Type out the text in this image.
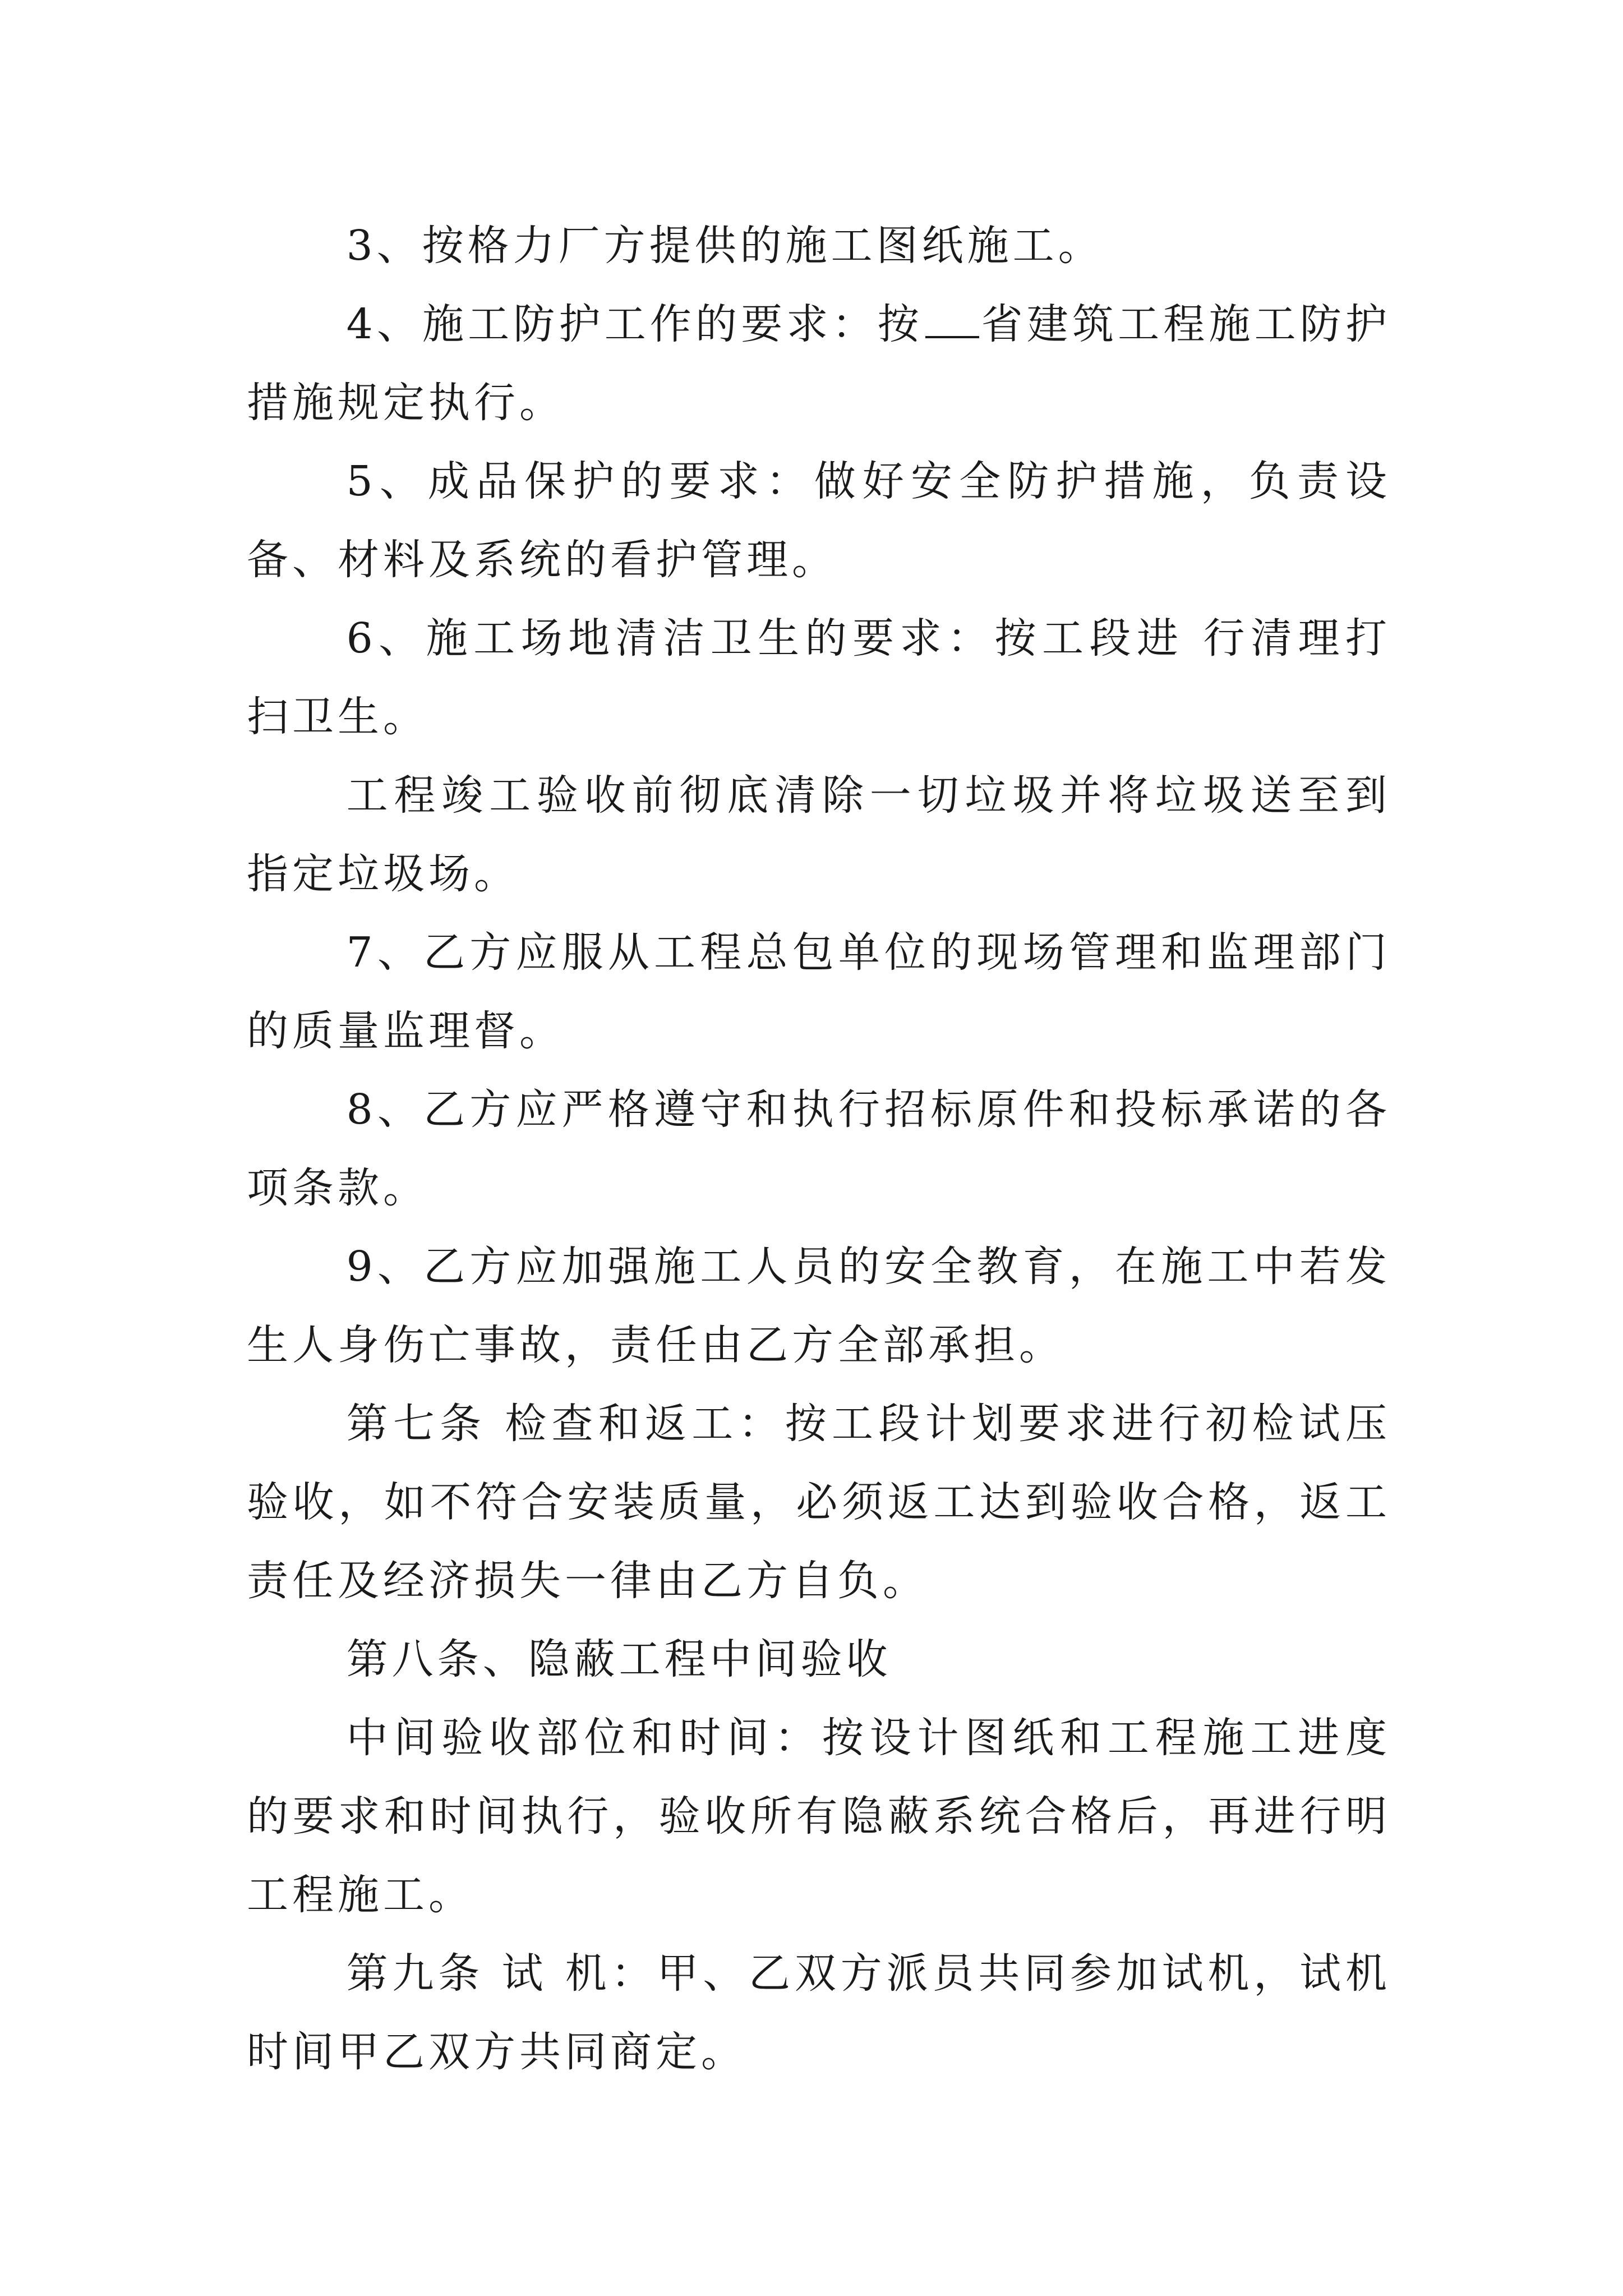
3、按格力厂方提供的施工图纸施工。

4、施工防护工作的要求：按 省建筑工程施工防护措施规定执行。

5、成品保护的要求：做好安全防护措施，负责设备、材料及系统的看护管理。

6、施工场地清洁卫生的要求：按工段进 行清理打扫卫生。

工程竣工验收前彻底清除一切垃圾并将垃圾送至到指定垃圾场。

7、乙方应服从工程总包单位的现场管理和监理部门的质量监理督。

8、乙方应严格遵守和执行招标原件和投标承诺的各项条款。

9、乙方应加强施工人员的安全教育，在施工中若发生人身伤亡事故，责任由乙方全部承担。

第七条 检查和返工：按工段计划要求进行初检试压验收，如不符合安装质量，必须返工达到验收合格，返工责任及经济损失一律由乙方自负。

第八条、隐蔽工程中间验收

中间验收部位和时间：按设计图纸和工程施工进度的要求和时间执行，验收所有隐蔽系统合格后，再进行明工程施工。

第九条 试 机：甲、乙双方派员共同参加试机，试机时间甲乙双方共同商定。
